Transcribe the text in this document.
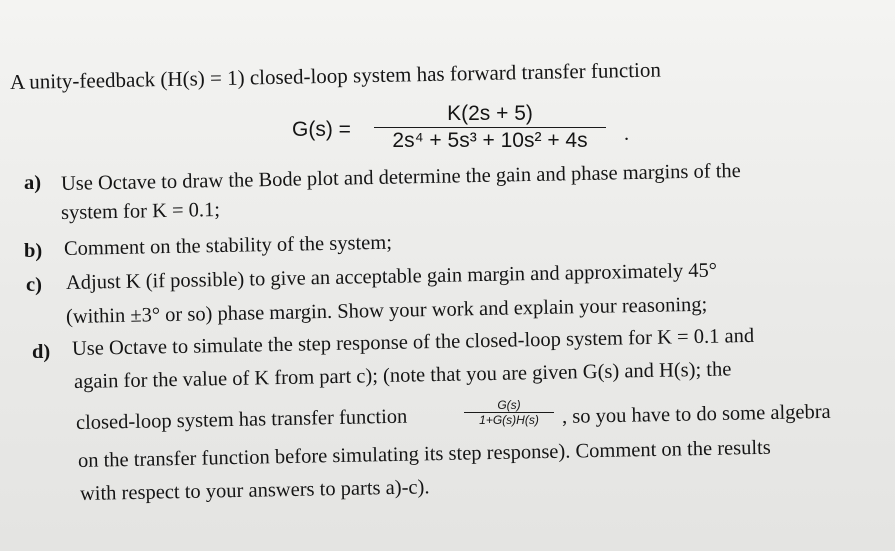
A unity-feedback (H(s) = 1) closed-loop system has forward transfer function
G(s) =
K(2s + 5)
2s⁴ + 5s³ + 10s² + 4s	.
a) Use Octave to draw the Bode plot and determine the gain and phase margins of the
system for K = 0.1;
b) Comment on the stability of the system;
c) Adjust K (if possible) to give an acceptable gain margin and approximately 45°
(within ±3° or so) phase margin. Show your work and explain your reasoning;
d) Use Octave to simulate the step response of the closed-loop system for K = 0.1 and
again for the value of K from part c); (note that you are given G(s) and H(s); the
closed-loop system has transfer function
G(s)
1+G(s)H(s)	, so you have to do some algebra
on the transfer function before simulating its step response). Comment on the results
with respect to your answers to parts a)-c).
